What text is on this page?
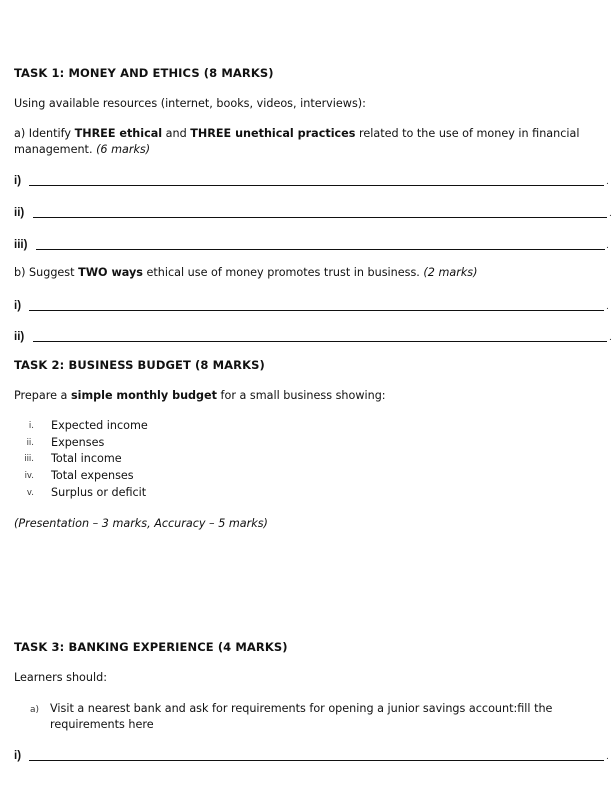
TASK 1: MONEY AND ETHICS (8 MARKS)
Using available resources (internet, books, videos, interviews):
a) Identify THREE ethical and THREE unethical practices related to the use of money in financial
management. (6 marks)
i)	.
ii)	.
iii)	.
b) Suggest TWO ways ethical use of money promotes trust in business. (2 marks)
i)	.
ii)	.
TASK 2: BUSINESS BUDGET (8 MARKS)
Prepare a simple monthly budget for a small business showing:
i. Expected income
ii. Expenses
iii. Total income
iv. Total expenses
v. Surplus or deficit
(Presentation – 3 marks, Accuracy – 5 marks)
TASK 3: BANKING EXPERIENCE (4 MARKS)
Learners should:
a) Visit a nearest bank and ask for requirements for opening a junior savings account:fill the
requirements here
i)	.
